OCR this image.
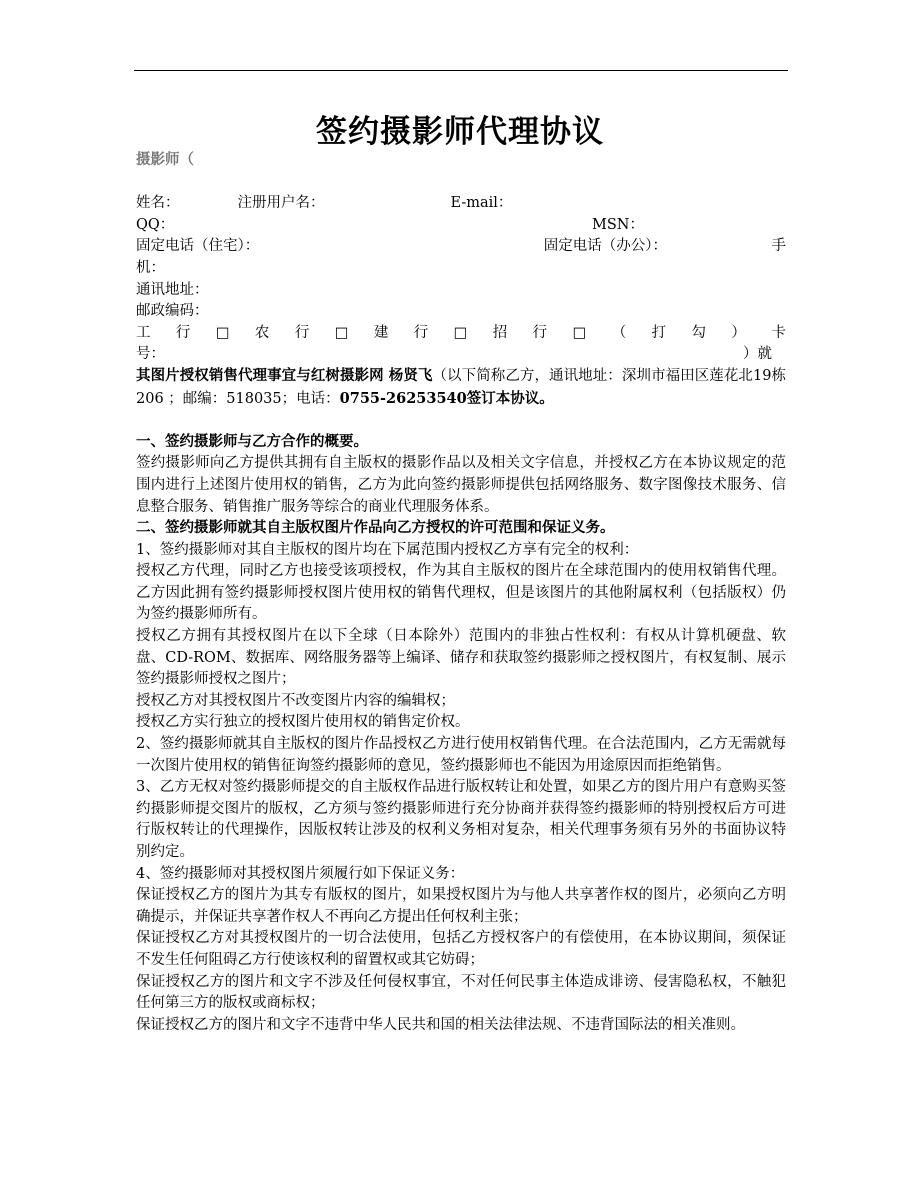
签约摄影师代理协议
摄影师（
姓名：	注册用户名：	E-mail：
QQ：	MSN：
固定电话（住宅）：	固定电话（办公）：	手
机：
通讯地址：
邮政编码：
工 行 □ 农 行 □ 建 行 □ 招 行 □ （ 打 勾 ） 卡
号：	）就
其图片授权销售代理事宜与红树摄影网 杨贤飞（以下简称乙方，通讯地址：深圳市福田区莲花北19栋206 ；邮编：518035；电话：0755-26253540签订本协议。
一、签约摄影师与乙方合作的概要。
签约摄影师向乙方提供其拥有自主版权的摄影作品以及相关文字信息，并授权乙方在本协议规定的范围内进行上述图片使用权的销售，乙方为此向签约摄影师提供包括网络服务、数字图像技术服务、信息整合服务、销售推广服务等综合的商业代理服务体系。
二、签约摄影师就其自主版权图片作品向乙方授权的许可范围和保证义务。
1、签约摄影师对其自主版权的图片均在下属范围内授权乙方享有完全的权利：
授权乙方代理，同时乙方也接受该项授权，作为其自主版权的图片在全球范围内的使用权销售代理。乙方因此拥有签约摄影师授权图片使用权的销售代理权，但是该图片的其他附属权利（包括版权）仍为签约摄影师所有。
授权乙方拥有其授权图片在以下全球（日本除外）范围内的非独占性权利：有权从计算机硬盘、软盘、CD-ROM、数据库、网络服务器等上编译、储存和获取签约摄影师之授权图片，有权复制、展示签约摄影师授权之图片；
授权乙方对其授权图片不改变图片内容的编辑权；
授权乙方实行独立的授权图片使用权的销售定价权。
2、签约摄影师就其自主版权的图片作品授权乙方进行使用权销售代理。在合法范围内，乙方无需就每一次图片使用权的销售征询签约摄影师的意见，签约摄影师也不能因为用途原因而拒绝销售。
3、乙方无权对签约摄影师提交的自主版权作品进行版权转让和处置，如果乙方的图片用户有意购买签约摄影师提交图片的版权，乙方须与签约摄影师进行充分协商并获得签约摄影师的特别授权后方可进行版权转让的代理操作，因版权转让涉及的权利义务相对复杂，相关代理事务须有另外的书面协议特别约定。
4、签约摄影师对其授权图片须履行如下保证义务：
保证授权乙方的图片为其专有版权的图片，如果授权图片为与他人共享著作权的图片，必须向乙方明确提示，并保证共享著作权人不再向乙方提出任何权利主张；
保证授权乙方对其授权图片的一切合法使用，包括乙方授权客户的有偿使用，在本协议期间，须保证不发生任何阻碍乙方行使该权利的留置权或其它妨碍；
保证授权乙方的图片和文字不涉及任何侵权事宜，不对任何民事主体造成诽谤、侵害隐私权，不触犯任何第三方的版权或商标权；
保证授权乙方的图片和文字不违背中华人民共和国的相关法律法规、不违背国际法的相关准则。
